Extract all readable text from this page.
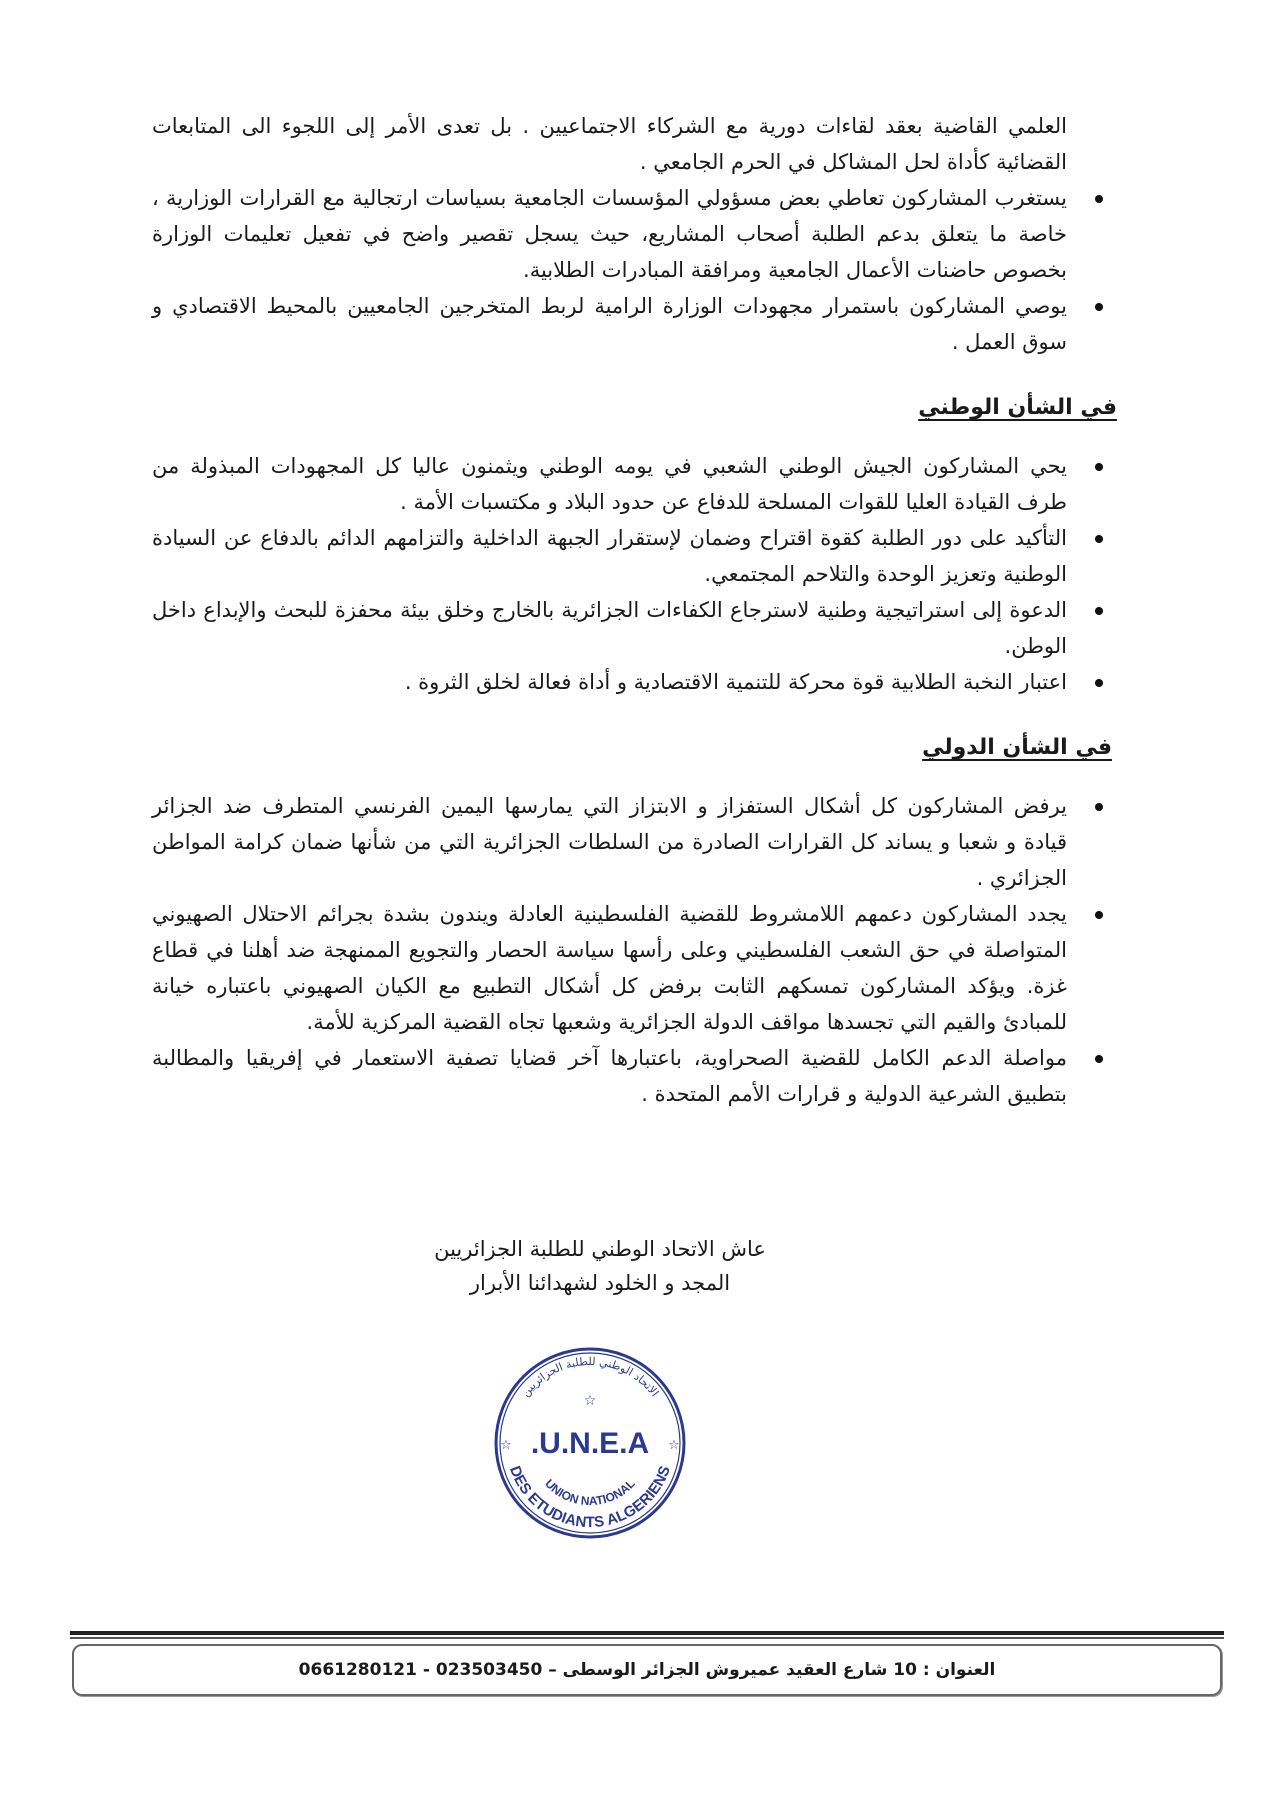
العلمي القاضية بعقد لقاءات دورية مع الشركاء الاجتماعيين . بل تعدى الأمر إلى اللجوء الى المتابعات القضائية كأداة لحل المشاكل في الحرم الجامعي .

يستغرب المشاركون تعاطي بعض مسؤولي المؤسسات الجامعية بسياسات ارتجالية مع القرارات الوزارية ، خاصة ما يتعلق بدعم الطلبة أصحاب المشاريع، حيث يسجل تقصير واضح في تفعيل تعليمات الوزارة بخصوص حاضنات الأعمال الجامعية ومرافقة المبادرات الطلابية.
يوصي المشاركون باستمرار مجهودات الوزارة الرامية لربط المتخرجين الجامعيين بالمحيط الاقتصادي و سوق العمل .
في الشأن الوطني
يحي المشاركون الجيش الوطني الشعبي في يومه الوطني ويثمنون عاليا كل المجهودات المبذولة من طرف القيادة العليا للقوات المسلحة للدفاع عن حدود البلاد و مكتسبات الأمة .
التأكيد على دور الطلبة كقوة اقتراح وضمان لإستقرار الجبهة الداخلية والتزامهم الدائم بالدفاع عن السيادة الوطنية وتعزيز الوحدة والتلاحم المجتمعي.
الدعوة إلى استراتيجية وطنية لاسترجاع الكفاءات الجزائرية بالخارج وخلق بيئة محفزة للبحث والإبداع داخل الوطن.
اعتبار النخبة الطلابية قوة محركة للتنمية الاقتصادية و أداة فعالة لخلق الثروة .
في الشأن الدولي
يرفض المشاركون كل أشكال الستفزاز و الابتزاز التي يمارسها اليمين الفرنسي المتطرف ضد الجزائر قيادة و شعبا و يساند كل القرارات الصادرة من السلطات الجزائرية التي من شأنها ضمان كرامة المواطن الجزائري .
يجدد المشاركون دعمهم اللامشروط للقضية الفلسطينية العادلة ويندون بشدة بجرائم الاحتلال الصهيوني المتواصلة في حق الشعب الفلسطيني وعلى رأسها سياسة الحصار والتجويع الممنهجة ضد أهلنا في قطاع غزة. ويؤكد المشاركون تمسكهم الثابت برفض كل أشكال التطبيع مع الكيان الصهيوني باعتباره خيانة للمبادئ والقيم التي تجسدها مواقف الدولة الجزائرية وشعبها تجاه القضية المركزية للأمة.
مواصلة الدعم الكامل للقضية الصحراوية، باعتبارها آخر قضايا تصفية الاستعمار في إفريقيا والمطالبة بتطبيق الشرعية الدولية و قرارات الأمم المتحدة .
عاش الاتحاد الوطني للطلبة الجزائريين
المجد و الخلود لشهدائنا الأبرار
الاتحاد الوطني للطلبة الجزائريين
☆
☆	☆
U.N.E.A.
UNION NATIONAL
DES ETUDIANTS ALGERIENS
العنوان : 10 شارع العقيد عميروش الجزائر الوسطى – 023503450 - 0661280121
